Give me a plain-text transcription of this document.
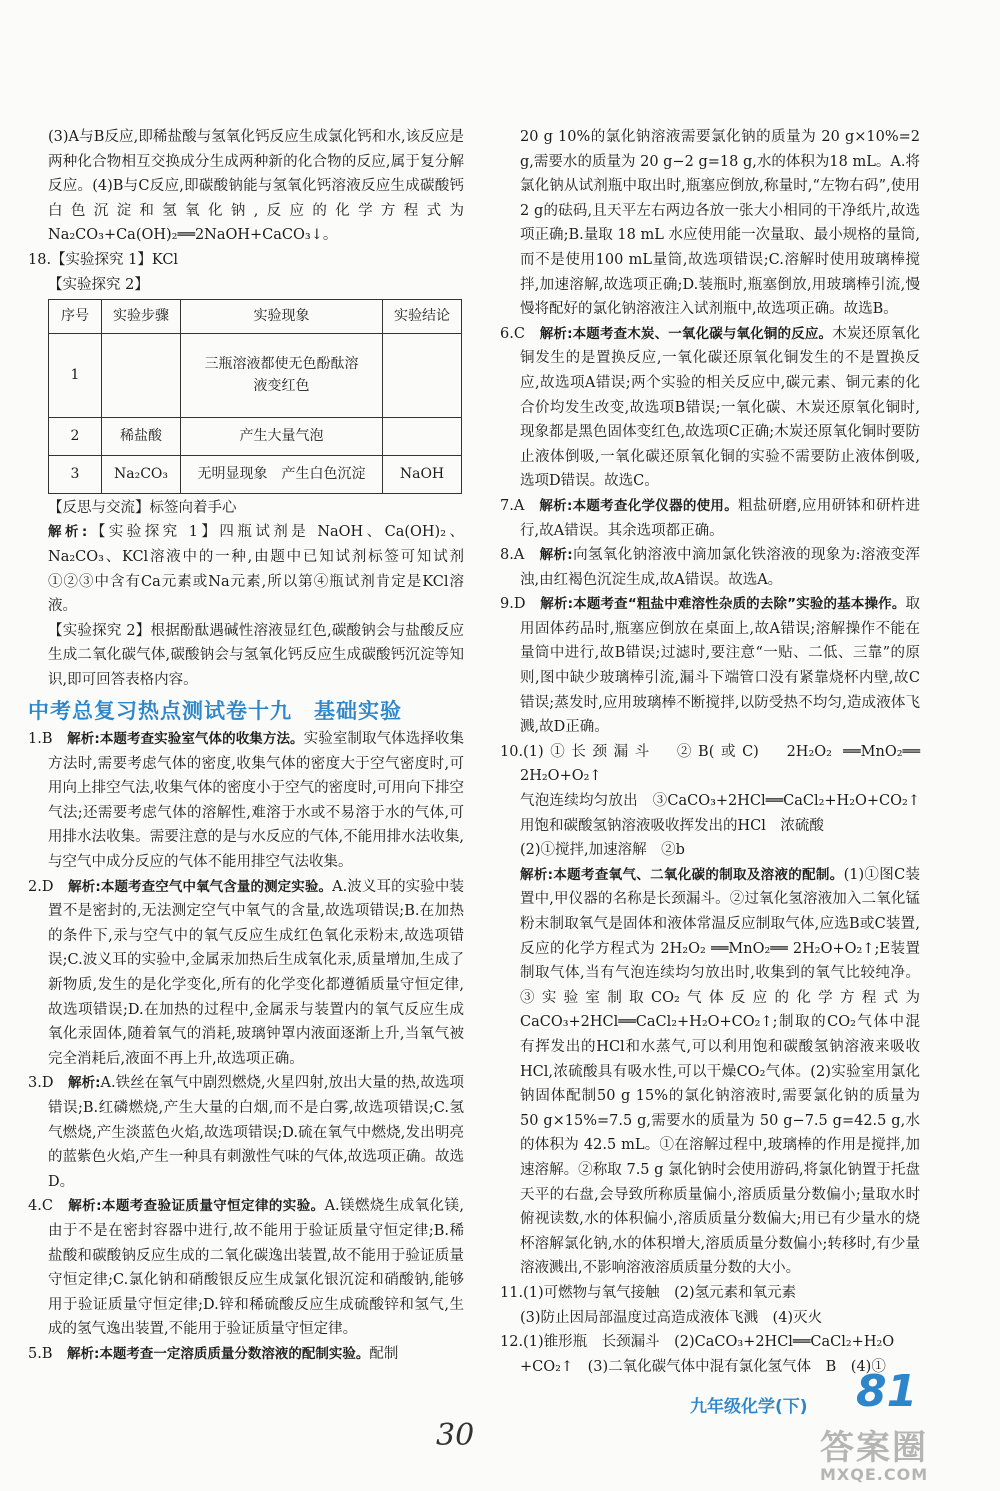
(3)A与B反应,即稀盐酸与氢氧化钙反应生成氯化钙和水,该反应是两种化合物相互交换成分生成两种新的化合物的反应,属于复分解反应。(4)B与C反应,即碳酸钠能与氢氧化钙溶液反应生成碳酸钙白色沉淀和氢氧化钠,反应的化学方程式为 Na₂CO₃+Ca(OH)₂══2NaOH+CaCO₃↓。

18.【实验探究 1】KCl

【实验探究 2】

序号	实验步骤	实验现象	实验结论
1		三瓶溶液都使无色酚酞溶液变红色	
2	稀盐酸	产生大量气泡	
3	Na₂CO₃	无明显现象　产生白色沉淀	NaOH

【反思与交流】标签向着手心

解析:【实验探究 1】四瓶试剂是 NaOH、Ca(OH)₂、Na₂CO₃、KCl溶液中的一种,由题中已知试剂标签可知试剂①②③中含有Ca元素或Na元素,所以第④瓶试剂肯定是KCl溶液。

【实验探究 2】根据酚酞遇碱性溶液显红色,碳酸钠会与盐酸反应生成二氧化碳气体,碳酸钠会与氢氧化钙反应生成碳酸钙沉淀等知识,即可回答表格内容。

中考总复习热点测试卷十九　基础实验

1.B　解析:本题考查实验室气体的收集方法。实验室制取气体选择收集方法时,需要考虑气体的密度,收集气体的密度大于空气密度时,可用向上排空气法,收集气体的密度小于空气的密度时,可用向下排空气法;还需要考虑气体的溶解性,难溶于水或不易溶于水的气体,可用排水法收集。需要注意的是与水反应的气体,不能用排水法收集,与空气中成分反应的气体不能用排空气法收集。

2.D　解析:本题考查空气中氧气含量的测定实验。A.波义耳的实验中装置不是密封的,无法测定空气中氧气的含量,故选项错误;B.在加热的条件下,汞与空气中的氧气反应生成红色氧化汞粉末,故选项错误;C.波义耳的实验中,金属汞加热后生成氧化汞,质量增加,生成了新物质,发生的是化学变化,所有的化学变化都遵循质量守恒定律,故选项错误;D.在加热的过程中,金属汞与装置内的氧气反应生成氧化汞固体,随着氧气的消耗,玻璃钟罩内液面逐渐上升,当氧气被完全消耗后,液面不再上升,故选项正确。

3.D　解析:A.铁丝在氧气中剧烈燃烧,火星四射,放出大量的热,故选项错误;B.红磷燃烧,产生大量的白烟,而不是白雾,故选项错误;C.氢气燃烧,产生淡蓝色火焰,故选项错误;D.硫在氧气中燃烧,发出明亮的蓝紫色火焰,产生一种具有刺激性气味的气体,故选项正确。故选D。

4.C　解析:本题考查验证质量守恒定律的实验。A.镁燃烧生成氧化镁,由于不是在密封容器中进行,故不能用于验证质量守恒定律;B.稀盐酸和碳酸钠反应生成的二氧化碳逸出装置,故不能用于验证质量守恒定律;C.氯化钠和硝酸银反应生成氯化银沉淀和硝酸钠,能够用于验证质量守恒定律;D.锌和稀硫酸反应生成硫酸锌和氢气,生成的氢气逸出装置,不能用于验证质量守恒定律。

5.B　解析:本题考查一定溶质质量分数溶液的配制实验。配制

20 g 10%的氯化钠溶液需要氯化钠的质量为 20 g×10%=2 g,需要水的质量为 20 g−2 g=18 g,水的体积为18 mL。A.将氯化钠从试剂瓶中取出时,瓶塞应倒放,称量时,“左物右码”,使用2 g的砝码,且天平左右两边各放一张大小相同的干净纸片,故选项正确;B.量取 18 mL 水应使用能一次量取、最小规格的量筒,而不是使用100 mL量筒,故选项错误;C.溶解时使用玻璃棒搅拌,加速溶解,故选项正确;D.装瓶时,瓶塞倒放,用玻璃棒引流,慢慢将配好的氯化钠溶液注入试剂瓶中,故选项正确。故选B。

6.C　解析:本题考查木炭、一氧化碳与氧化铜的反应。木炭还原氧化铜发生的是置换反应,一氧化碳还原氧化铜发生的不是置换反应,故选项A错误;两个实验的相关反应中,碳元素、铜元素的化合价均发生改变,故选项B错误;一氧化碳、木炭还原氧化铜时,现象都是黑色固体变红色,故选项C正确;木炭还原氧化铜时要防止液体倒吸,一氧化碳还原氧化铜的实验不需要防止液体倒吸,选项D错误。故选C。

7.A　解析:本题考查化学仪器的使用。粗盐研磨,应用研钵和研杵进行,故A错误。其余选项都正确。

8.A　解析:向氢氧化钠溶液中滴加氯化铁溶液的现象为:溶液变浑浊,由红褐色沉淀生成,故A错误。故选A。

9.D　解析:本题考查“粗盐中难溶性杂质的去除”实验的基本操作。取用固体药品时,瓶塞应倒放在桌面上,故A错误;溶解操作不能在量筒中进行,故B错误;过滤时,要注意“一贴、二低、三靠”的原则,图中缺少玻璃棒引流,漏斗下端管口没有紧靠烧杯内壁,故C错误;蒸发时,应用玻璃棒不断搅拌,以防受热不均匀,造成液体飞溅,故D正确。

10.(1)①长颈漏斗　②B(或C)　2H₂O₂ ══MnO₂══ 2H₂O+O₂↑

气泡连续均匀放出　③CaCO₃+2HCl══CaCl₂+H₂O+CO₂↑　用饱和碳酸氢钠溶液吸收挥发出的HCl　浓硫酸

(2)①搅拌,加速溶解　②b

解析:本题考查氧气、二氧化碳的制取及溶液的配制。(1)①图C装置中,甲仪器的名称是长颈漏斗。②过氧化氢溶液加入二氧化锰粉末制取氧气是固体和液体常温反应制取气体,应选B或C装置,反应的化学方程式为 2H₂O₂ ══MnO₂══ 2H₂O+O₂↑;E装置制取气体,当有气泡连续均匀放出时,收集到的氧气比较纯净。③实验室制取CO₂气体反应的化学方程式为 CaCO₃+2HCl══CaCl₂+H₂O+CO₂↑;制取的CO₂气体中混有挥发出的HCl和水蒸气,可以利用饱和碳酸氢钠溶液来吸收HCl,浓硫酸具有吸水性,可以干燥CO₂气体。(2)实验室用氯化钠固体配制50 g 15%的氯化钠溶液时,需要氯化钠的质量为 50 g×15%=7.5 g,需要水的质量为 50 g−7.5 g=42.5 g,水的体积为 42.5 mL。①在溶解过程中,玻璃棒的作用是搅拌,加速溶解。②称取 7.5 g 氯化钠时会使用游码,将氯化钠置于托盘天平的右盘,会导致所称质量偏小,溶质质量分数偏小;量取水时俯视读数,水的体积偏小,溶质质量分数偏大;用已有少量水的烧杯溶解氯化钠,水的体积增大,溶质质量分数偏小;转移时,有少量溶液溅出,不影响溶液溶质质量分数的大小。

11.(1)可燃物与氧气接触　(2)氢元素和氧元素

(3)防止因局部温度过高造成液体飞溅　(4)灭火

12.(1)锥形瓶　长颈漏斗　(2)CaCO₃+2HCl══CaCl₂+H₂O

+CO₂↑　(3)二氧化碳气体中混有氯化氢气体　B　(4)①

九年级化学(下) 81
30	答案圈
MXQE.COM
